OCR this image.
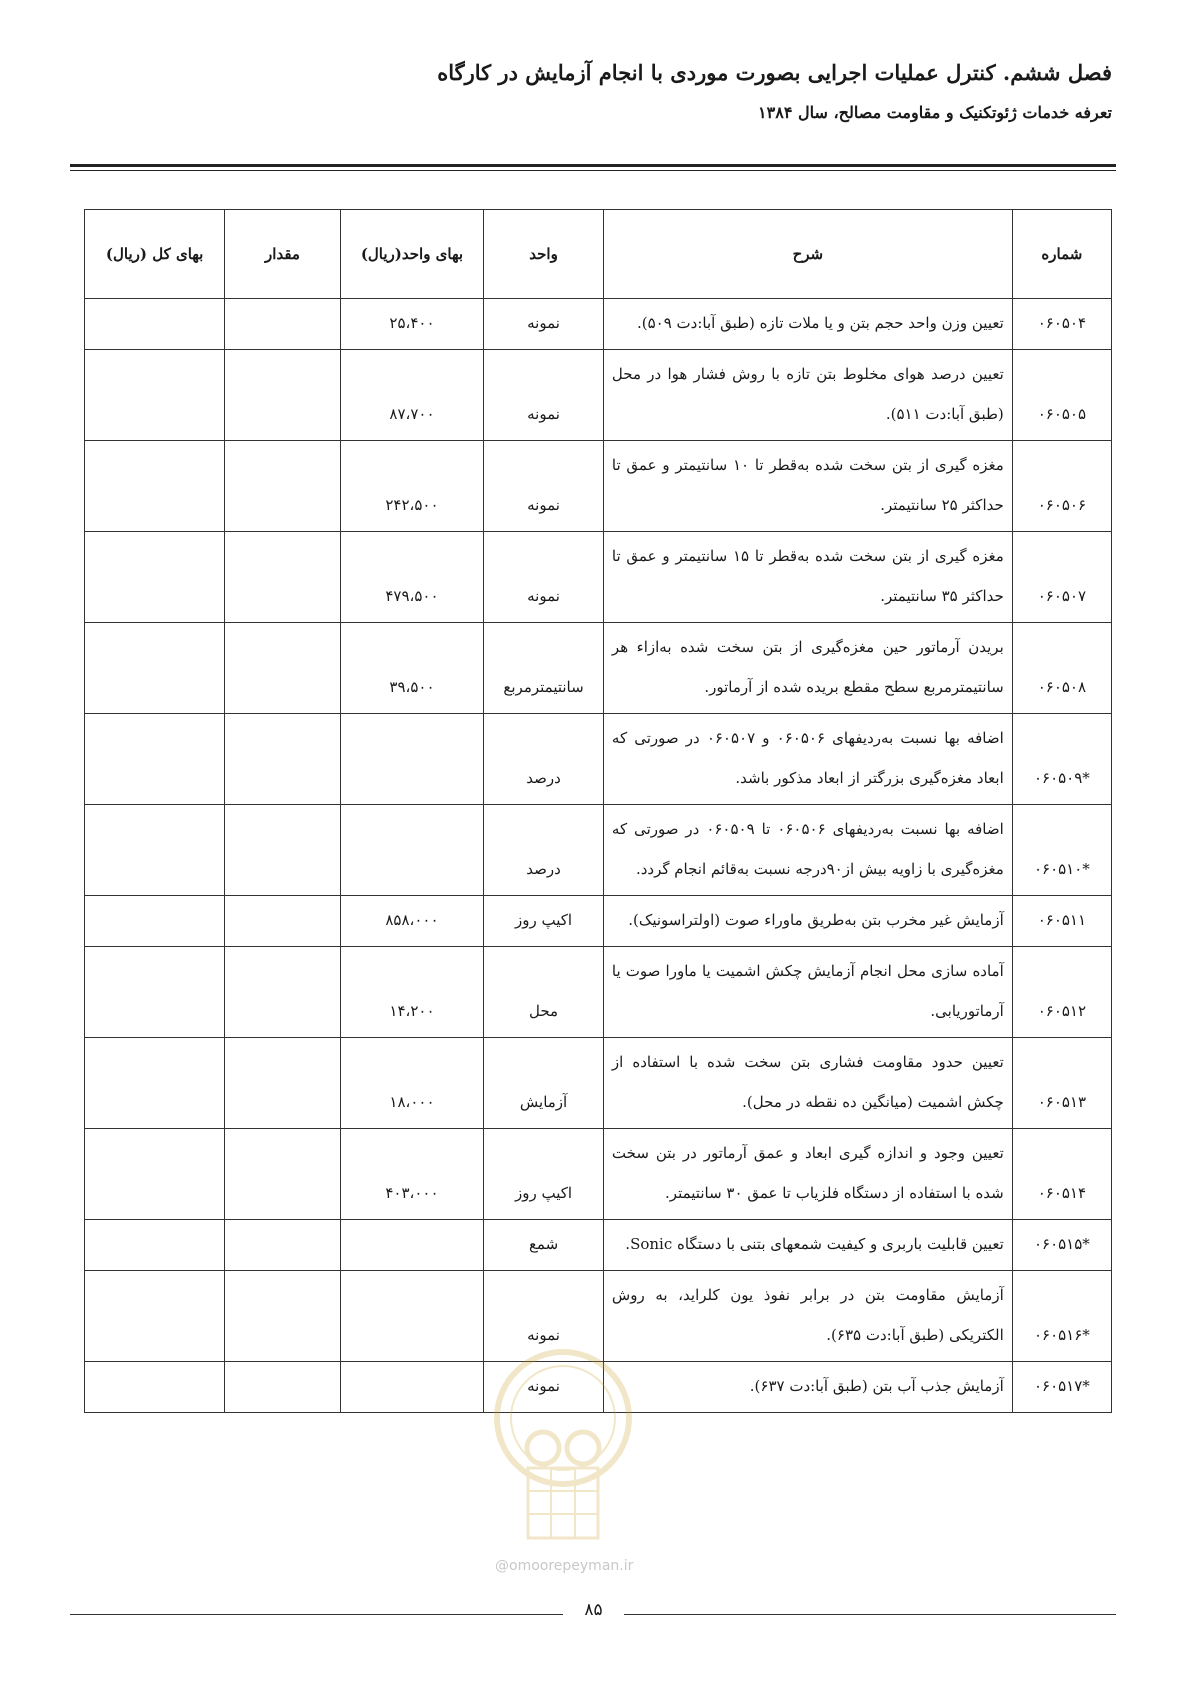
فصل ششم. کنترل عملیات اجرایی بصورت موردی با انجام آزمایش در کارگاه

تعرفه خدمات ژئوتکنیک و مقاومت مصالح، سال ۱۳۸۴

شماره	شرح	واحد	بهای واحد(ریال)	مقدار	بهای کل (ریال)
۰۶۰۵۰۴	تعیین وزن واحد حجم بتن و یا ملات تازه (طبق آبا:دت ۵۰۹).	نمونه	۲۵،۴۰۰		
۰۶۰۵۰۵	تعیین درصد هوای مخلوط بتن تازه با روش فشار هوا در محل (طبق آبا:دت ۵۱۱).	نمونه	۸۷،۷۰۰		
۰۶۰۵۰۶	مغزه گیری از بتن سخت شده به‌قطر تا ۱۰ سانتیمتر و عمق تا حداکثر ۲۵ سانتیمتر.	نمونه	۲۴۲،۵۰۰		
۰۶۰۵۰۷	مغزه گیری از بتن سخت شده به‌قطر تا ۱۵ سانتیمتر و عمق تا حداکثر ۳۵ سانتیمتر.	نمونه	۴۷۹،۵۰۰		
۰۶۰۵۰۸	بریدن آرماتور حین مغزه‌گیری از بتن سخت شده به‌ازاء هر سانتیمترمربع سطح مقطع بریده شده از آرماتور.	سانتیمترمربع	۳۹،۵۰۰		
*۰۶۰۵۰۹	اضافه بها نسبت به‌ردیفهای ۰۶۰۵۰۶ و ۰۶۰۵۰۷ در صورتی که ابعاد مغزه‌گیری بزرگتر از ابعاد مذکور باشد.	درصد			
*۰۶۰۵۱۰	اضافه بها نسبت به‌ردیفهای ۰۶۰۵۰۶ تا ۰۶۰۵۰۹ در صورتی که مغزه‌گیری با زاویه بیش از۹۰درجه نسبت به‌قائم انجام گردد.	درصد			
۰۶۰۵۱۱	آزمایش غیر مخرب بتن به‌طریق ماوراء صوت (اولتراسونیک).	اکیپ روز	۸۵۸،۰۰۰		
۰۶۰۵۱۲	آماده سازی محل انجام آزمایش چکش اشمیت یا ماورا صوت یا آرماتوریابی.	محل	۱۴،۲۰۰		
۰۶۰۵۱۳	تعیین حدود مقاومت فشاری بتن سخت شده با استفاده از چکش اشمیت (میانگین ده نقطه در محل).	آزمایش	۱۸،۰۰۰		
۰۶۰۵۱۴	تعیین وجود و اندازه گیری ابعاد و عمق آرماتور در بتن سخت شده با استفاده از دستگاه فلزیاب تا عمق ۳۰ سانتیمتر.	اکیپ روز	۴۰۳،۰۰۰		
*۰۶۰۵۱۵	تعیین قابلیت باربری و کیفیت شمعهای بتنی با دستگاه Sonic.	شمع			
*۰۶۰۵۱۶	آزمایش مقاومت بتن در برابر نفوذ یون کلراید، به روش الکتریکی (طبق آبا:دت ۶۳۵).	نمونه			
*۰۶۰۵۱۷	آزمایش جذب آب بتن (طبق آبا:دت ۶۳۷).	نمونه			
@omoorepeyman.ir
۸۵
